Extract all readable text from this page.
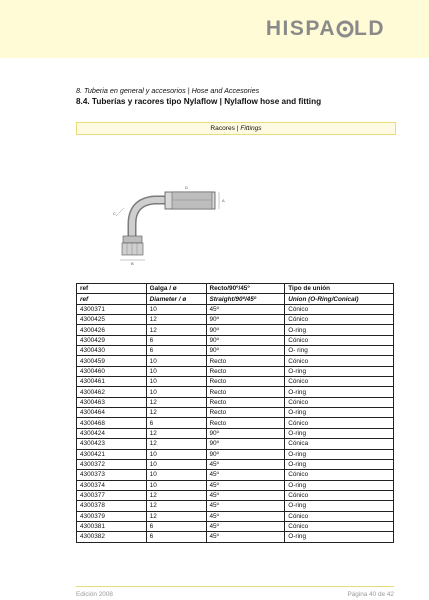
HISPA LD
8. Tuberia en general y accesorios | Hose and Accesories
8.4. Tuberías y racores tipo Nylaflow | Nylaflow hose and fitting
Racores | Fittings
A
B
C
D
ref	Galga / ø	Recto/90º/45º	Tipo de unión
ref	Diameter / ø	Straight/90º/45º	Union (O-Ring/Conical)
4300371	10	45º	Cónico
4300425	12	90º	Cónico
4300426	12	90º	O-ring
4300429	6	90º	Cónico
4300430	6	90º	O- ring
4300459	10	Recto	Cónico
4300460	10	Recto	O-ring
4300461	10	Recto	Cónico
4300462	10	Recto	O-ring
4300463	12	Recto	Cónico
4300464	12	Recto	O-ring
4300468	6	Recto	Cónico
4300424	12	90º	O-ring
4300423	12	90º	Cónica
4300421	10	90º	O-ring
4300372	10	45º	O-ring
4300373	10	45º	Cónico
4300374	10	45º	O-ring
4300377	12	45º	Cónico
4300378	12	45º	O-ring
4300379	12	45º	Cónico
4300381	6	45º	Cónico
4300382	6	45º	O-ring
Edición 2008	Página 40 de 42
